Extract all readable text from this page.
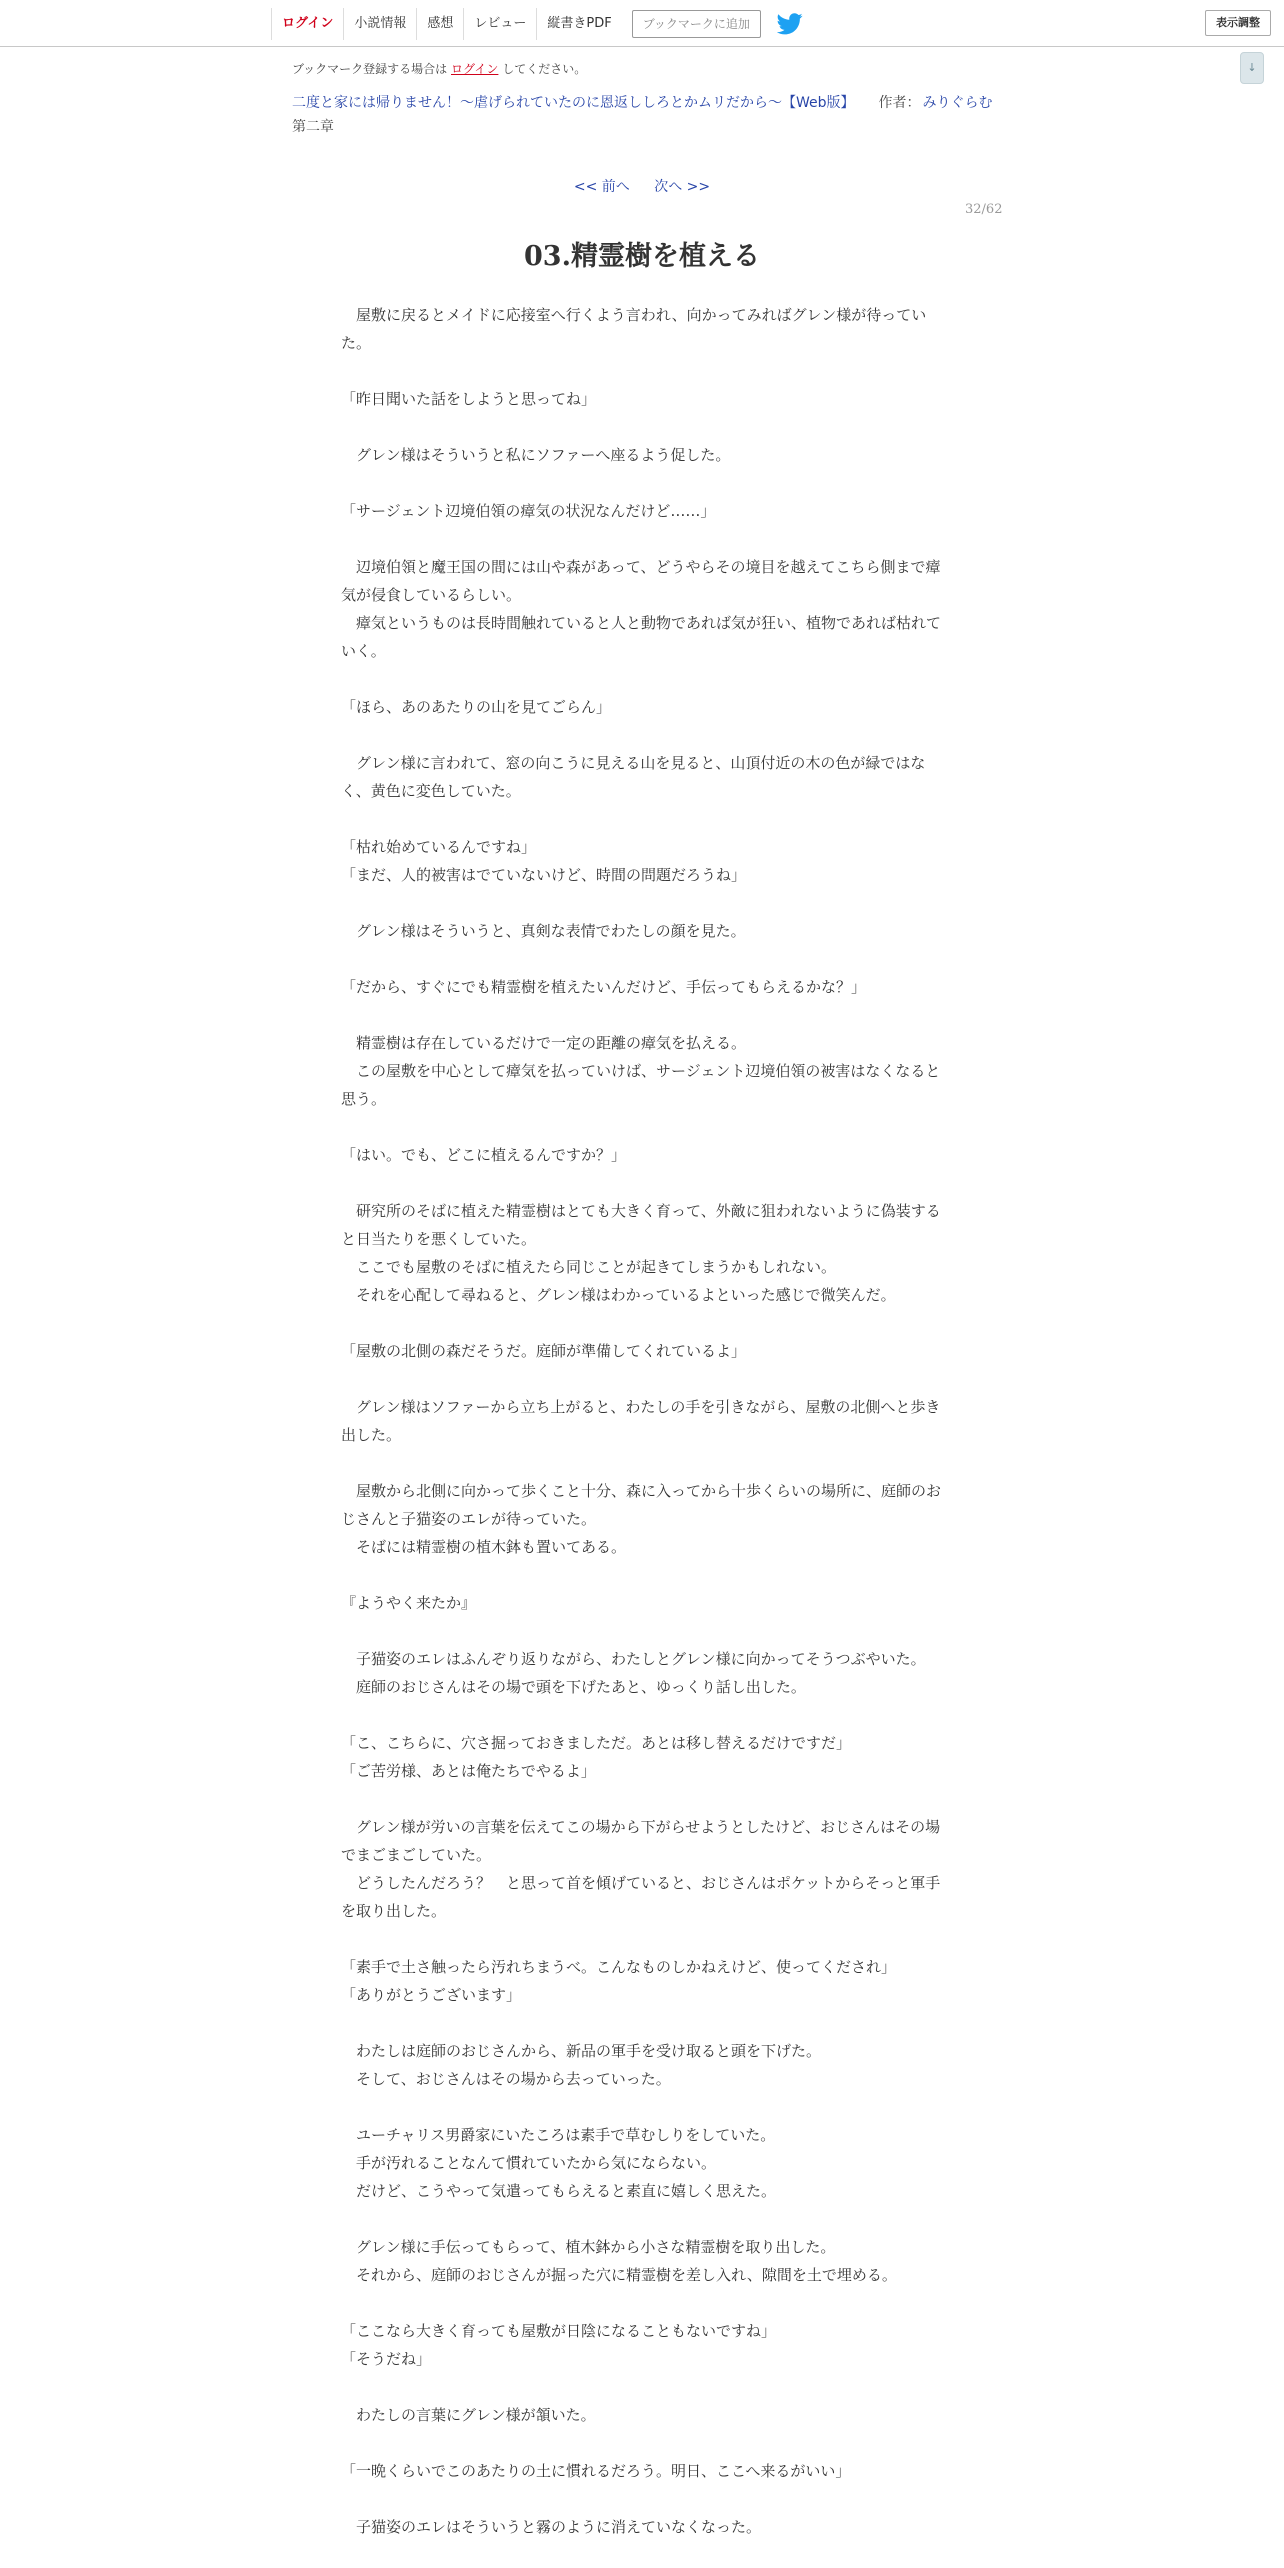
ログイン	小説情報	感想	レビュー	縦書きPDF	ブックマークに追加	表示調整
↓
ブックマーク登録する場合は ログイン してください。
二度と家には帰りません！～虐げられていたのに恩返ししろとかムリだから～【Web版】 作者： みりぐらむ
第二章
<< 前へ 次へ >>
32/62
03.精霊樹を植える

　屋敷に戻るとメイドに応接室へ行くよう言われ、向かってみればグレン様が待っていた。

「昨日聞いた話をしようと思ってね」

　グレン様はそういうと私にソファーへ座るよう促した。

「サージェント辺境伯領の瘴気の状況なんだけど……」

　辺境伯領と魔王国の間には山や森があって、どうやらその境目を越えてこちら側まで瘴気が侵食しているらしい。

　瘴気というものは長時間触れていると人と動物であれば気が狂い、植物であれば枯れていく。

「ほら、あのあたりの山を見てごらん」

　グレン様に言われて、窓の向こうに見える山を見ると、山頂付近の木の色が緑ではなく、黄色に変色していた。

「枯れ始めているんですね」

「まだ、人的被害はでていないけど、時間の問題だろうね」

　グレン様はそういうと、真剣な表情でわたしの顔を見た。

「だから、すぐにでも精霊樹を植えたいんだけど、手伝ってもらえるかな？」

　精霊樹は存在しているだけで一定の距離の瘴気を払える。

　この屋敷を中心として瘴気を払っていけば、サージェント辺境伯領の被害はなくなると思う。

「はい。でも、どこに植えるんですか？」

　研究所のそばに植えた精霊樹はとても大きく育って、外敵に狙われないように偽装すると日当たりを悪くしていた。

　ここでも屋敷のそばに植えたら同じことが起きてしまうかもしれない。

　それを心配して尋ねると、グレン様はわかっているよといった感じで微笑んだ。

「屋敷の北側の森だそうだ。庭師が準備してくれているよ」

　グレン様はソファーから立ち上がると、わたしの手を引きながら、屋敷の北側へと歩き出した。

　屋敷から北側に向かって歩くこと十分、森に入ってから十歩くらいの場所に、庭師のおじさんと子猫姿のエレが待っていた。

　そばには精霊樹の植木鉢も置いてある。

『ようやく来たか』

　子猫姿のエレはふんぞり返りながら、わたしとグレン様に向かってそうつぶやいた。

　庭師のおじさんはその場で頭を下げたあと、ゆっくり話し出した。

「こ、こちらに、穴さ掘っておきましただ。あとは移し替えるだけですだ」

「ご苦労様、あとは俺たちでやるよ」

　グレン様が労いの言葉を伝えてこの場から下がらせようとしたけど、おじさんはその場でまごまごしていた。

　どうしたんだろう？　と思って首を傾げていると、おじさんはポケットからそっと軍手を取り出した。

「素手で土さ触ったら汚れちまうべ。こんなものしかねえけど、使ってくだされ」

「ありがとうございます」

　わたしは庭師のおじさんから、新品の軍手を受け取ると頭を下げた。

　そして、おじさんはその場から去っていった。

　ユーチャリス男爵家にいたころは素手で草むしりをしていた。

　手が汚れることなんて慣れていたから気にならない。

　だけど、こうやって気遣ってもらえると素直に嬉しく思えた。

　グレン様に手伝ってもらって、植木鉢から小さな精霊樹を取り出した。

　それから、庭師のおじさんが掘った穴に精霊樹を差し入れ、隙間を土で埋める。

「ここなら大きく育っても屋敷が日陰になることもないですね」

「そうだね」

　わたしの言葉にグレン様が頷いた。

「一晩くらいでこのあたりの土に慣れるだろう。明日、ここへ来るがいい」

　子猫姿のエレはそういうと霧のように消えていなくなった。
